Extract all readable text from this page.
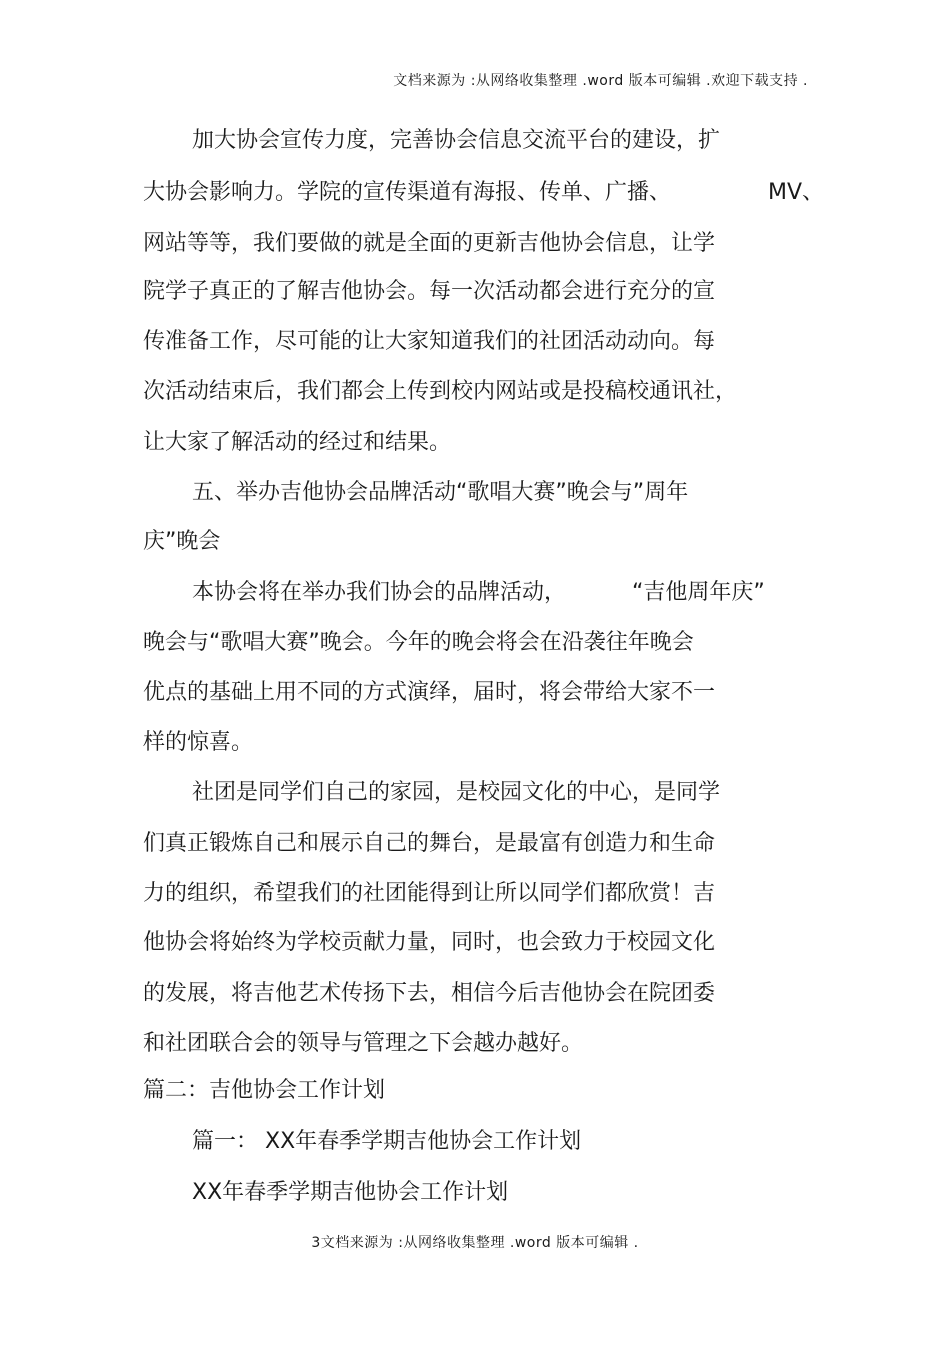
文档来源为 :从网络收集整理 .word 版本可编辑 .欢迎下载支持 .
加大协会宣传力度，完善协会信息交流平台的建设，扩
大协会影响力。学院的宣传渠道有海报、传单、广播、	MV、
网站等等，我们要做的就是全面的更新吉他协会信息，让学
院学子真正的了解吉他协会。每一次活动都会进行充分的宣
传准备工作，尽可能的让大家知道我们的社团活动动向。每
次活动结束后，我们都会上传到校内网站或是投稿校通讯社，
让大家了解活动的经过和结果。
五、举办吉他协会品牌活动“歌唱大赛”晚会与”周年
庆”晚会
本协会将在举办我们协会的品牌活动，	“吉他周年庆”
晚会与“歌唱大赛”晚会。今年的晚会将会在沿袭往年晚会
优点的基础上用不同的方式演绎，届时，将会带给大家不一
样的惊喜。
社团是同学们自己的家园，是校园文化的中心，是同学
们真正锻炼自己和展示自己的舞台，是最富有创造力和生命
力的组织，希望我们的社团能得到让所以同学们都欣赏！吉
他协会将始终为学校贡献力量，同时，也会致力于校园文化
的发展，将吉他艺术传扬下去，相信今后吉他协会在院团委
和社团联合会的领导与管理之下会越办越好。
篇二：吉他协会工作计划
篇一： XX年春季学期吉他协会工作计划
XX年春季学期吉他协会工作计划
3文档来源为 :从网络收集整理 .word 版本可编辑 .
